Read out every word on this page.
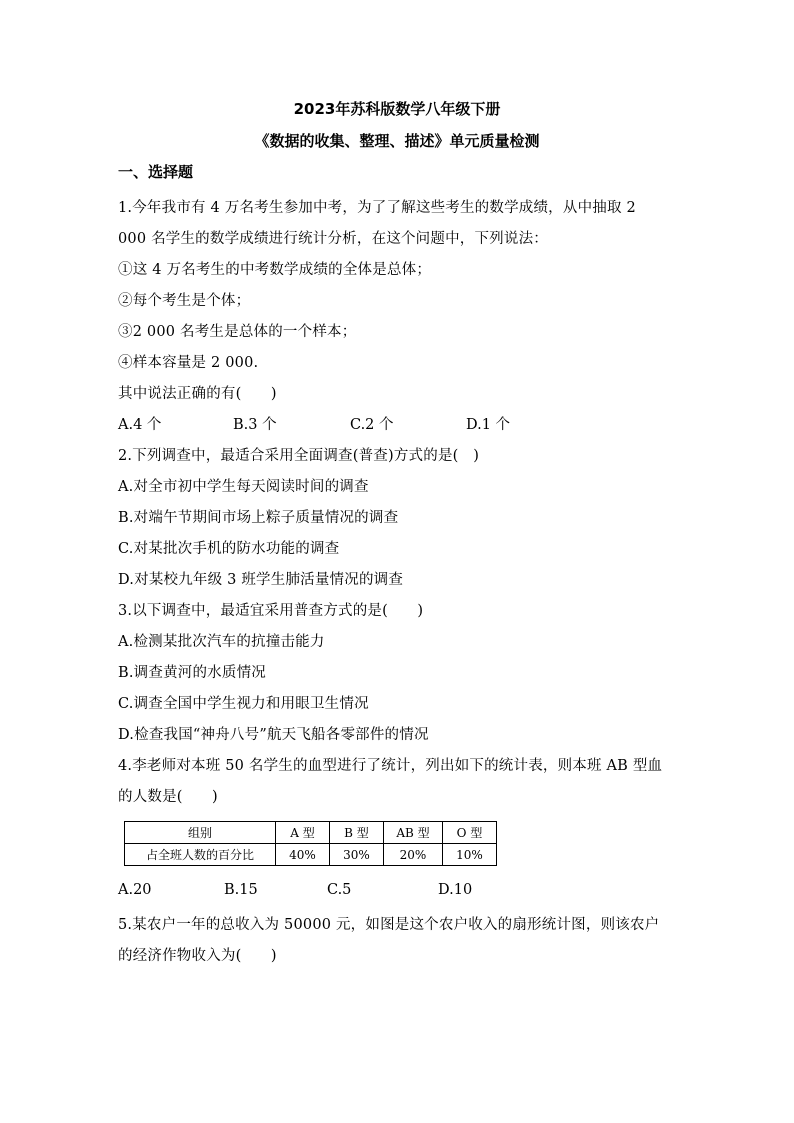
2023年苏科版数学八年级下册
《数据的收集、整理、描述》单元质量检测
一、选择题
1.今年我市有 4 万名考生参加中考，为了了解这些考生的数学成绩，从中抽取 2
000 名学生的数学成绩进行统计分析，在这个问题中，下列说法：
①这 4 万名考生的中考数学成绩的全体是总体；
②每个考生是个体；
③2 000 名考生是总体的一个样本；
④样本容量是 2 000.
其中说法正确的有(　　)
A.4 个	B.3 个	C.2 个	D.1 个
2.下列调查中，最适合采用全面调查(普查)方式的是(　)
A.对全市初中学生每天阅读时间的调查
B.对端午节期间市场上粽子质量情况的调查
C.对某批次手机的防水功能的调查
D.对某校九年级 3 班学生肺活量情况的调查
3.以下调查中，最适宜采用普查方式的是(　　)
A.检测某批次汽车的抗撞击能力
B.调查黄河的水质情况
C.调查全国中学生视力和用眼卫生情况
D.检查我国“神舟八号”航天飞船各零部件的情况
4.李老师对本班 50 名学生的血型进行了统计，列出如下的统计表，则本班 AB 型血
的人数是(　　)
组别	A 型	B 型	AB 型	O 型
占全班人数的百分比	40%	30%	20%	10%
A.20	B.15	C.5	D.10
5.某农户一年的总收入为 50000 元，如图是这个农户收入的扇形统计图，则该农户
的经济作物收入为(　　)
